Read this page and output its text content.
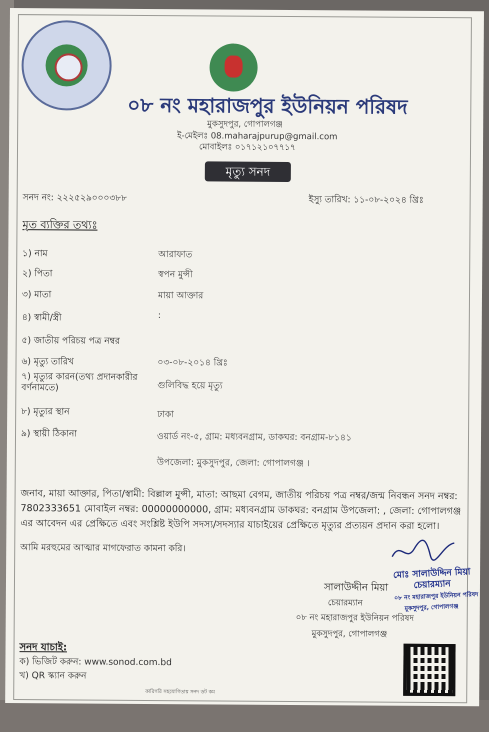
০৮ নং মহারাজপুর ইউনিয়ন পরিষদ
মুকসুদপুর, গোপালগঞ্জ
ই-মেইলঃ 08.maharajpurup@gmail.com
মোবাইলঃ ০১৭১২১০৭৭১৭
মৃত্যু সনদ
সনদ নং: ২২২৫২৯০০০৩৮৮	ইস্যু তারিখ: ১১-০৮-২০২৪ খ্রিঃ
মৃত ব্যক্তির তথ্যঃ
১) নাম	আরাফাত
২) পিতা	স্বপন মুন্সী
৩) মাতা	মায়া আক্তার
৪) স্বামী/স্ত্রী	:
৫) জাতীয় পরিচয় পত্র নম্বর
৬) মৃত্যু তারিখ	০৩-০৮-২০১৪ খ্রিঃ
৭) মৃত্যুর কারন(তথ্য প্রদানকারীর বর্ণনামতে)	গুলিবিদ্ধ হয়ে মৃত্যু
৮) মৃত্যুর স্থান	ঢাকা
৯) স্থায়ী ঠিকানা	ওয়ার্ড নং-৫, গ্রাম: মধ্যবনগ্রাম, ডাকঘর: বনগ্রাম-৮১৪১
উপজেলা: মুকসুদপুর, জেলা: গোপালগঞ্জ ।
জনাব, মায়া আক্তার, পিতা/স্বামী: বিল্লাল মুন্সী, মাতা: আছমা বেগম, জাতীয় পরিচয় পত্র নম্বর/জন্ম নিবন্ধন সনদ নম্বর: 7802333651 মোবাইল নম্বর: 00000000000, গ্রাম: মধ্যবনগ্রাম ডাকঘর: বনগ্রাম উপজেলা: , জেলা: গোপালগঞ্জ এর আবেদন এর প্রেক্ষিতে এবং সংশ্লিষ্ট ইউপি সদস্য/সদস্যার যাচাইয়ের প্রেক্ষিতে মৃত্যুর প্রত্যয়ন প্রদান করা হলো।
আমি মরহুমের আত্মার মাগফেরাত কামনা করি।
মোঃ সালাউদ্দিন মিয়া
চেয়ারম্যান
০৮ নং মহারাজপুর ইউনিয়ন পরিষদ
মুকসুদপুর, গোপালগঞ্জ
সালাউদ্দীন মিয়া
চেয়ারম্যান
০৮ নং মহারাজপুর ইউনিয়ন পরিষদ
মুকসুদপুর, গোপালগঞ্জ
সনদ যাচাই:
ক) ভিজিট করুন: www.sonod.com.bd
খ) QR স্ক্যান করুন
কারিগরি সহযোগিতায় সনদ ডট কম
